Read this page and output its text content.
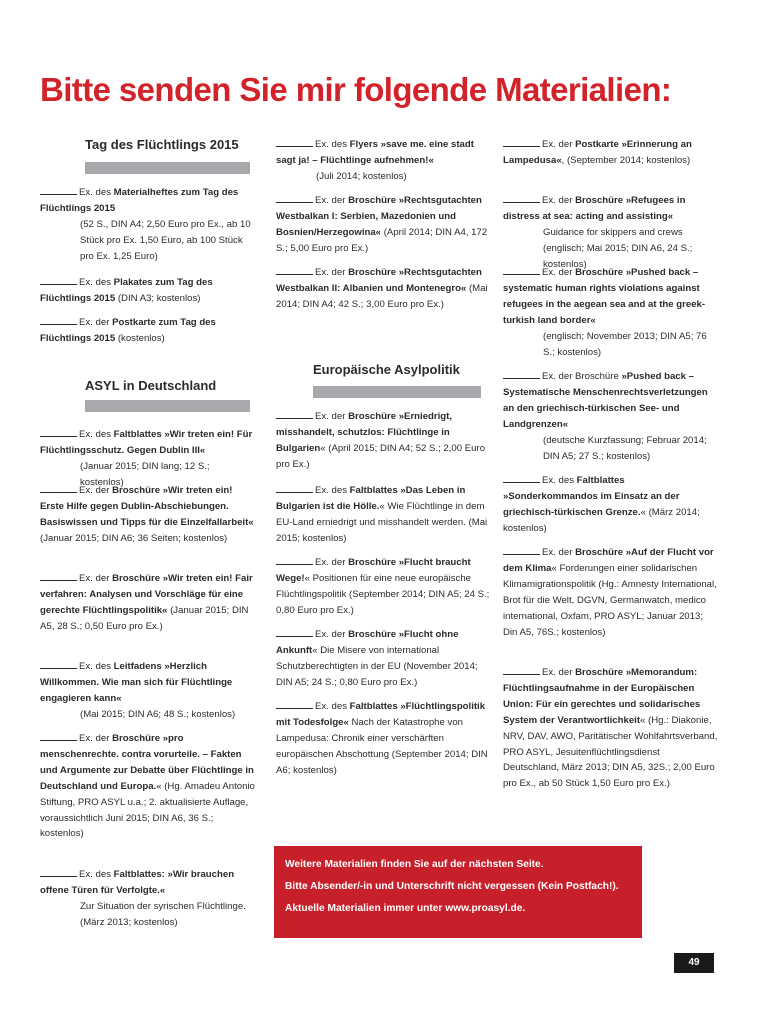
Bitte senden Sie mir folgende Materialien:
Tag des Flüchtlings 2015
Ex. des Materialheftes zum Tag des Flüchtlings 2015
(52 S., DIN A4; 2,50 Euro pro Ex., ab 10 Stück pro Ex. 1,50 Euro, ab 100 Stück pro Ex. 1,25 Euro)
Ex. des Plakates zum Tag des Flüchtlings 2015 (DIN A3; kostenlos)
Ex. der Postkarte zum Tag des Flüchtlings 2015 (kostenlos)
ASYL in Deutschland
Ex. des Faltblattes »Wir treten ein! Für Flüchtlingsschutz. Gegen Dublin III«
(Januar 2015; DIN lang; 12 S.; kostenlos)
Ex. der Broschüre »Wir treten ein! Erste Hilfe gegen Dublin-Abschiebungen. Basiswissen und Tipps für die Einzelfallarbeit« (Januar 2015; DIN A6; 36 Seiten; kostenlos)
Ex. der Broschüre »Wir treten ein! Fair verfahren: Analysen und Vorschläge für eine gerechte Flüchtlingspolitik« (Januar 2015; DIN A5, 28 S.; 0,50 Euro pro Ex.)
Ex. des Leitfadens »Herzlich Willkommen. Wie man sich für Flüchtlinge engagieren kann«
(Mai 2015; DIN A6; 48 S.; kostenlos)
Ex. der Broschüre »pro menschenrechte. contra vorurteile. – Fakten und Argumente zur Debatte über Flüchtlinge in Deutschland und Europa.« (Hg. Amadeu Antonio Stiftung, PRO ASYL u.a.; 2. aktualisierte Auflage, voraussichtlich Juni 2015; DIN A6, 36 S.; kostenlos)
Ex. des Faltblattes: »Wir brauchen offene Türen für Verfolgte.«
Zur Situation der syrischen Flüchtlinge. (März 2013; kostenlos)
Ex. des Flyers »save me. eine stadt sagt ja! – Flüchtlinge aufnehmen!«
(Juli 2014; kostenlos)
Ex. der Broschüre »Rechtsgutachten Westbalkan I: Serbien, Mazedonien und Bosnien/Herzegowina« (April 2014; DIN A4, 172 S.; 5,00 Euro pro Ex.)
Ex. der Broschüre »Rechtsgutachten Westbalkan II: Albanien und Montenegro« (Mai 2014; DIN A4; 42 S.; 3,00 Euro pro Ex.)
Europäische Asylpolitik
Ex. der Broschüre »Erniedrigt, misshandelt, schutzlos: Flüchtlinge in Bulgarien« (April 2015; DIN A4; 52 S.; 2,00 Euro pro Ex.)
Ex. des Faltblattes »Das Leben in Bulgarien ist die Hölle.« Wie Flüchtlinge in dem EU-Land erniedrigt und misshandelt werden. (Mai 2015; kostenlos)
Ex. der Broschüre »Flucht braucht Wege!« Positionen für eine neue europäische Flüchtlingspolitik (September 2014; DIN A5; 24 S.; 0,80 Euro pro Ex.)
Ex. der Broschüre »Flucht ohne Ankunft« Die Misere von international Schutzberechtigten in der EU (November 2014; DIN A5; 24 S.; 0,80 Euro pro Ex.)
Ex. des Faltblattes »Flüchtlingspolitik mit Todesfolge« Nach der Katastrophe von Lampedusa: Chronik einer verschärften europäischen Abschottung (September 2014; DIN A6; kostenlos)
Ex. der Postkarte »Erinnerung an Lampedusa«, (September 2014; kostenlos)
Ex. der Broschüre »Refugees in distress at sea: acting and assisting«
Guidance for skippers and crews (englisch; Mai 2015; DIN A6, 24 S.; kostenlos)
Ex. der Broschüre »Pushed back – systematic human rights violations against refugees in the aegean sea and at the greek-turkish land border«
(englisch; November 2013; DIN A5; 76 S.; kostenlos)
Ex. der Broschüre »Pushed back – Systematische Menschenrechtsverletzungen an den griechisch-türkischen See- und Landgrenzen«
(deutsche Kurzfassung; Februar 2014; DIN A5; 27 S.; kostenlos)
Ex. des Faltblattes »Sonderkommandos im Einsatz an der griechisch-türkischen Grenze.« (März 2014; kostenlos)
Ex. der Broschüre »Auf der Flucht vor dem Klima« Forderungen einer solidarischen Klimamigrationspolitik (Hg.: Amnesty International, Brot für die Welt, DGVN, Germanwatch, medico international, Oxfam, PRO ASYL; Januar 2013; Din A5, 76S.; kostenlos)
Ex. der Broschüre »Memorandum: Flüchtlingsaufnahme in der Europäischen Union: Für ein gerechtes und solidarisches System der Verantwortlichkeit« (Hg.: Diakonie, NRV, DAV, AWO, Paritätischer Wohlfahrtsverband, PRO ASYL, Jesuitenflüchtlingsdienst Deutschland, März 2013; DIN A5, 32S.; 2,00 Euro pro Ex., ab 50 Stück 1,50 Euro pro Ex.)

Weitere Materialien finden Sie auf der nächsten Seite.

Bitte Absender/-in und Unterschrift nicht vergessen (Kein Postfach!).

Aktuelle Materialien immer unter www.proasyl.de.

49
